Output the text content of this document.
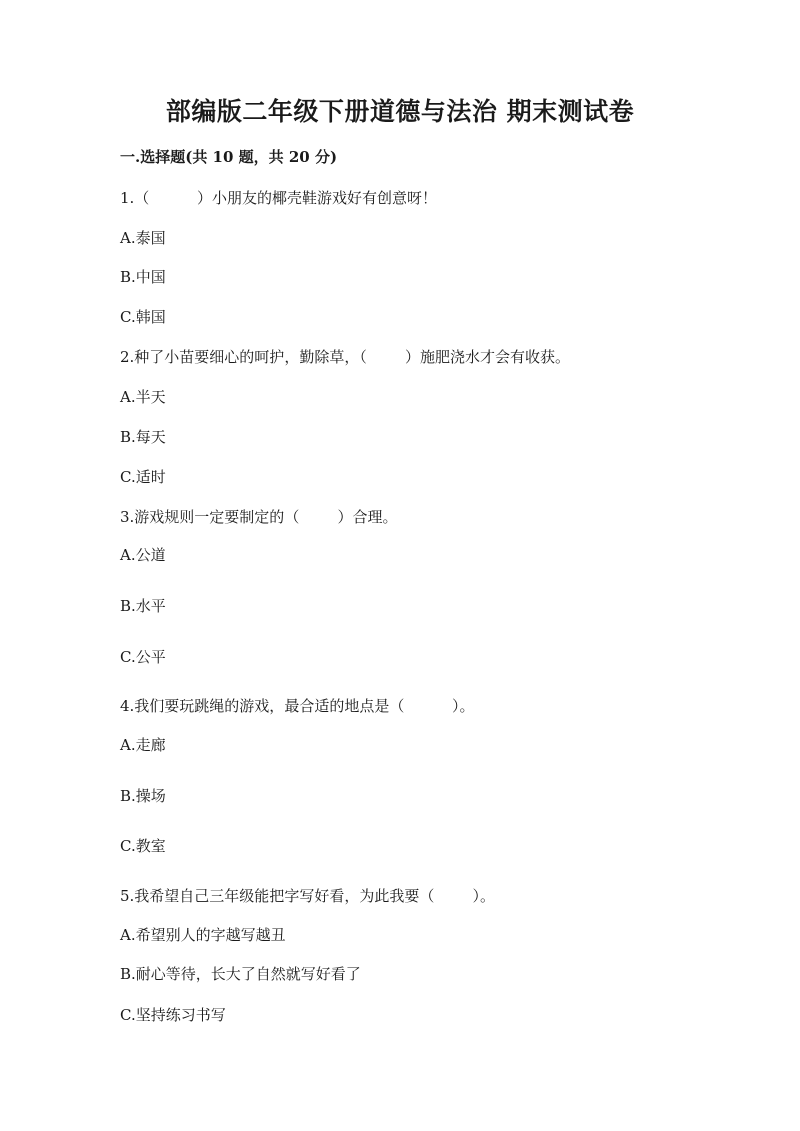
部编版二年级下册道德与法治 期末测试卷
一.选择题(共 10 题，共 20 分)
1.（          ）小朋友的椰壳鞋游戏好有创意呀！
A.泰国
B.中国
C.韩国
2.种了小苗要细心的呵护，勤除草，（        ）施肥浇水才会有收获。
A.半天
B.每天
C.适时
3.游戏规则一定要制定的（        ）合理。
A.公道
B.水平
C.公平
4.我们要玩跳绳的游戏，最合适的地点是（          ）。
A.走廊
B.操场
C.教室
5.我希望自己三年级能把字写好看，为此我要（        ）。
A.希望别人的字越写越丑
B.耐心等待，长大了自然就写好看了
C.坚持练习书写
